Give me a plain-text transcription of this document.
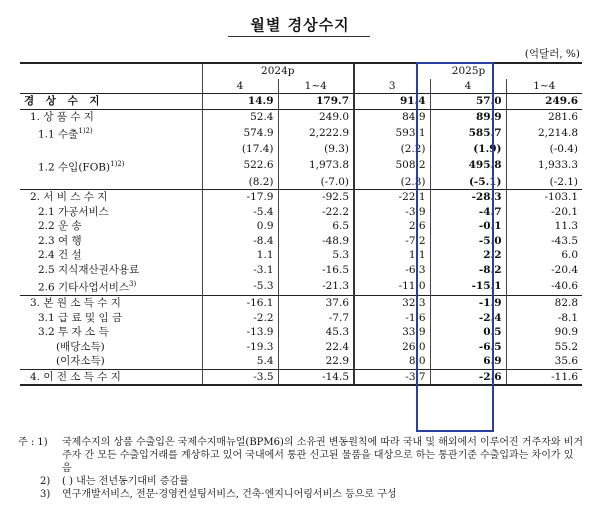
월별 경상수지
(억달러, %)
	2024p		2025p		
	4	1~4	3	4	1~4
경 상 수 지	14.9	179.7	91.4	57.0	249.6
1. 상 품 수 지	52.4	249.0	84.9	89.9	281.6
1.1 수출$^{1)2)}$	574.9	2,222.9	593.1	585.7	2,214.8
	(17.4)	(9.3)	(2.2)	(1.9)	(-0.4)
1.2 수입(FOB)$^{1)2)}$	522.6	1,973.8	508.2	495.8	1,933.3
	(8.2)	(-7.0)	(2.3)	(-5.1)	(-2.1)
2. 서 비 스 수 지	-17.9	-92.5	-22.1	-28.3	-103.1
2.1 가공서비스	-5.4	-22.2	-3.9	-4.7	-20.1
2.2 운 송	0.9	6.5	2.6	-0.1	11.3
2.3 여 행	-8.4	-48.9	-7.2	-5.0	-43.5
2.4 건 설	1.1	5.3	1.1	2.2	6.0
2.5 지식재산권사용료	-3.1	-16.5	-6.3	-8.2	-20.4
2.6 기타사업서비스$^{3)}$	-5.3	-21.3	-11.0	-15.1	-40.6
3. 본 원 소 득 수 지	-16.1	37.6	32.3	-1.9	82.8
3.1 급 료 및 임 금	-2.2	-7.7	-1.6	-2.4	-8.1
3.2 투 자 소 득	-13.9	45.3	33.9	0.5	90.9
(배당소득)	-19.3	22.4	26.0	-6.5	55.2
(이자소득)	5.4	22.9	8.0	6.9	35.6
4. 이 전 소 득 수 지	-3.5	-14.5	-3.7	-2.6	-11.6
주 : 1)	국제수지의 상품 수출입은 국제수지매뉴얼(BPM6)의 소유권 변동원칙에 따라 국내 및 해외에서 이루어진 거주자와 비거주자 간 모든 수출입거래를 계상하고 있어 국내에서 통관 신고된 물품을 대상으로 하는 통관기준 수출입과는 차이가 있음
2)	( ) 내는 전년동기대비 증감률
3)	연구개발서비스, 전문·경영컨설팅서비스, 건축·엔지니어링서비스 등으로 구성
